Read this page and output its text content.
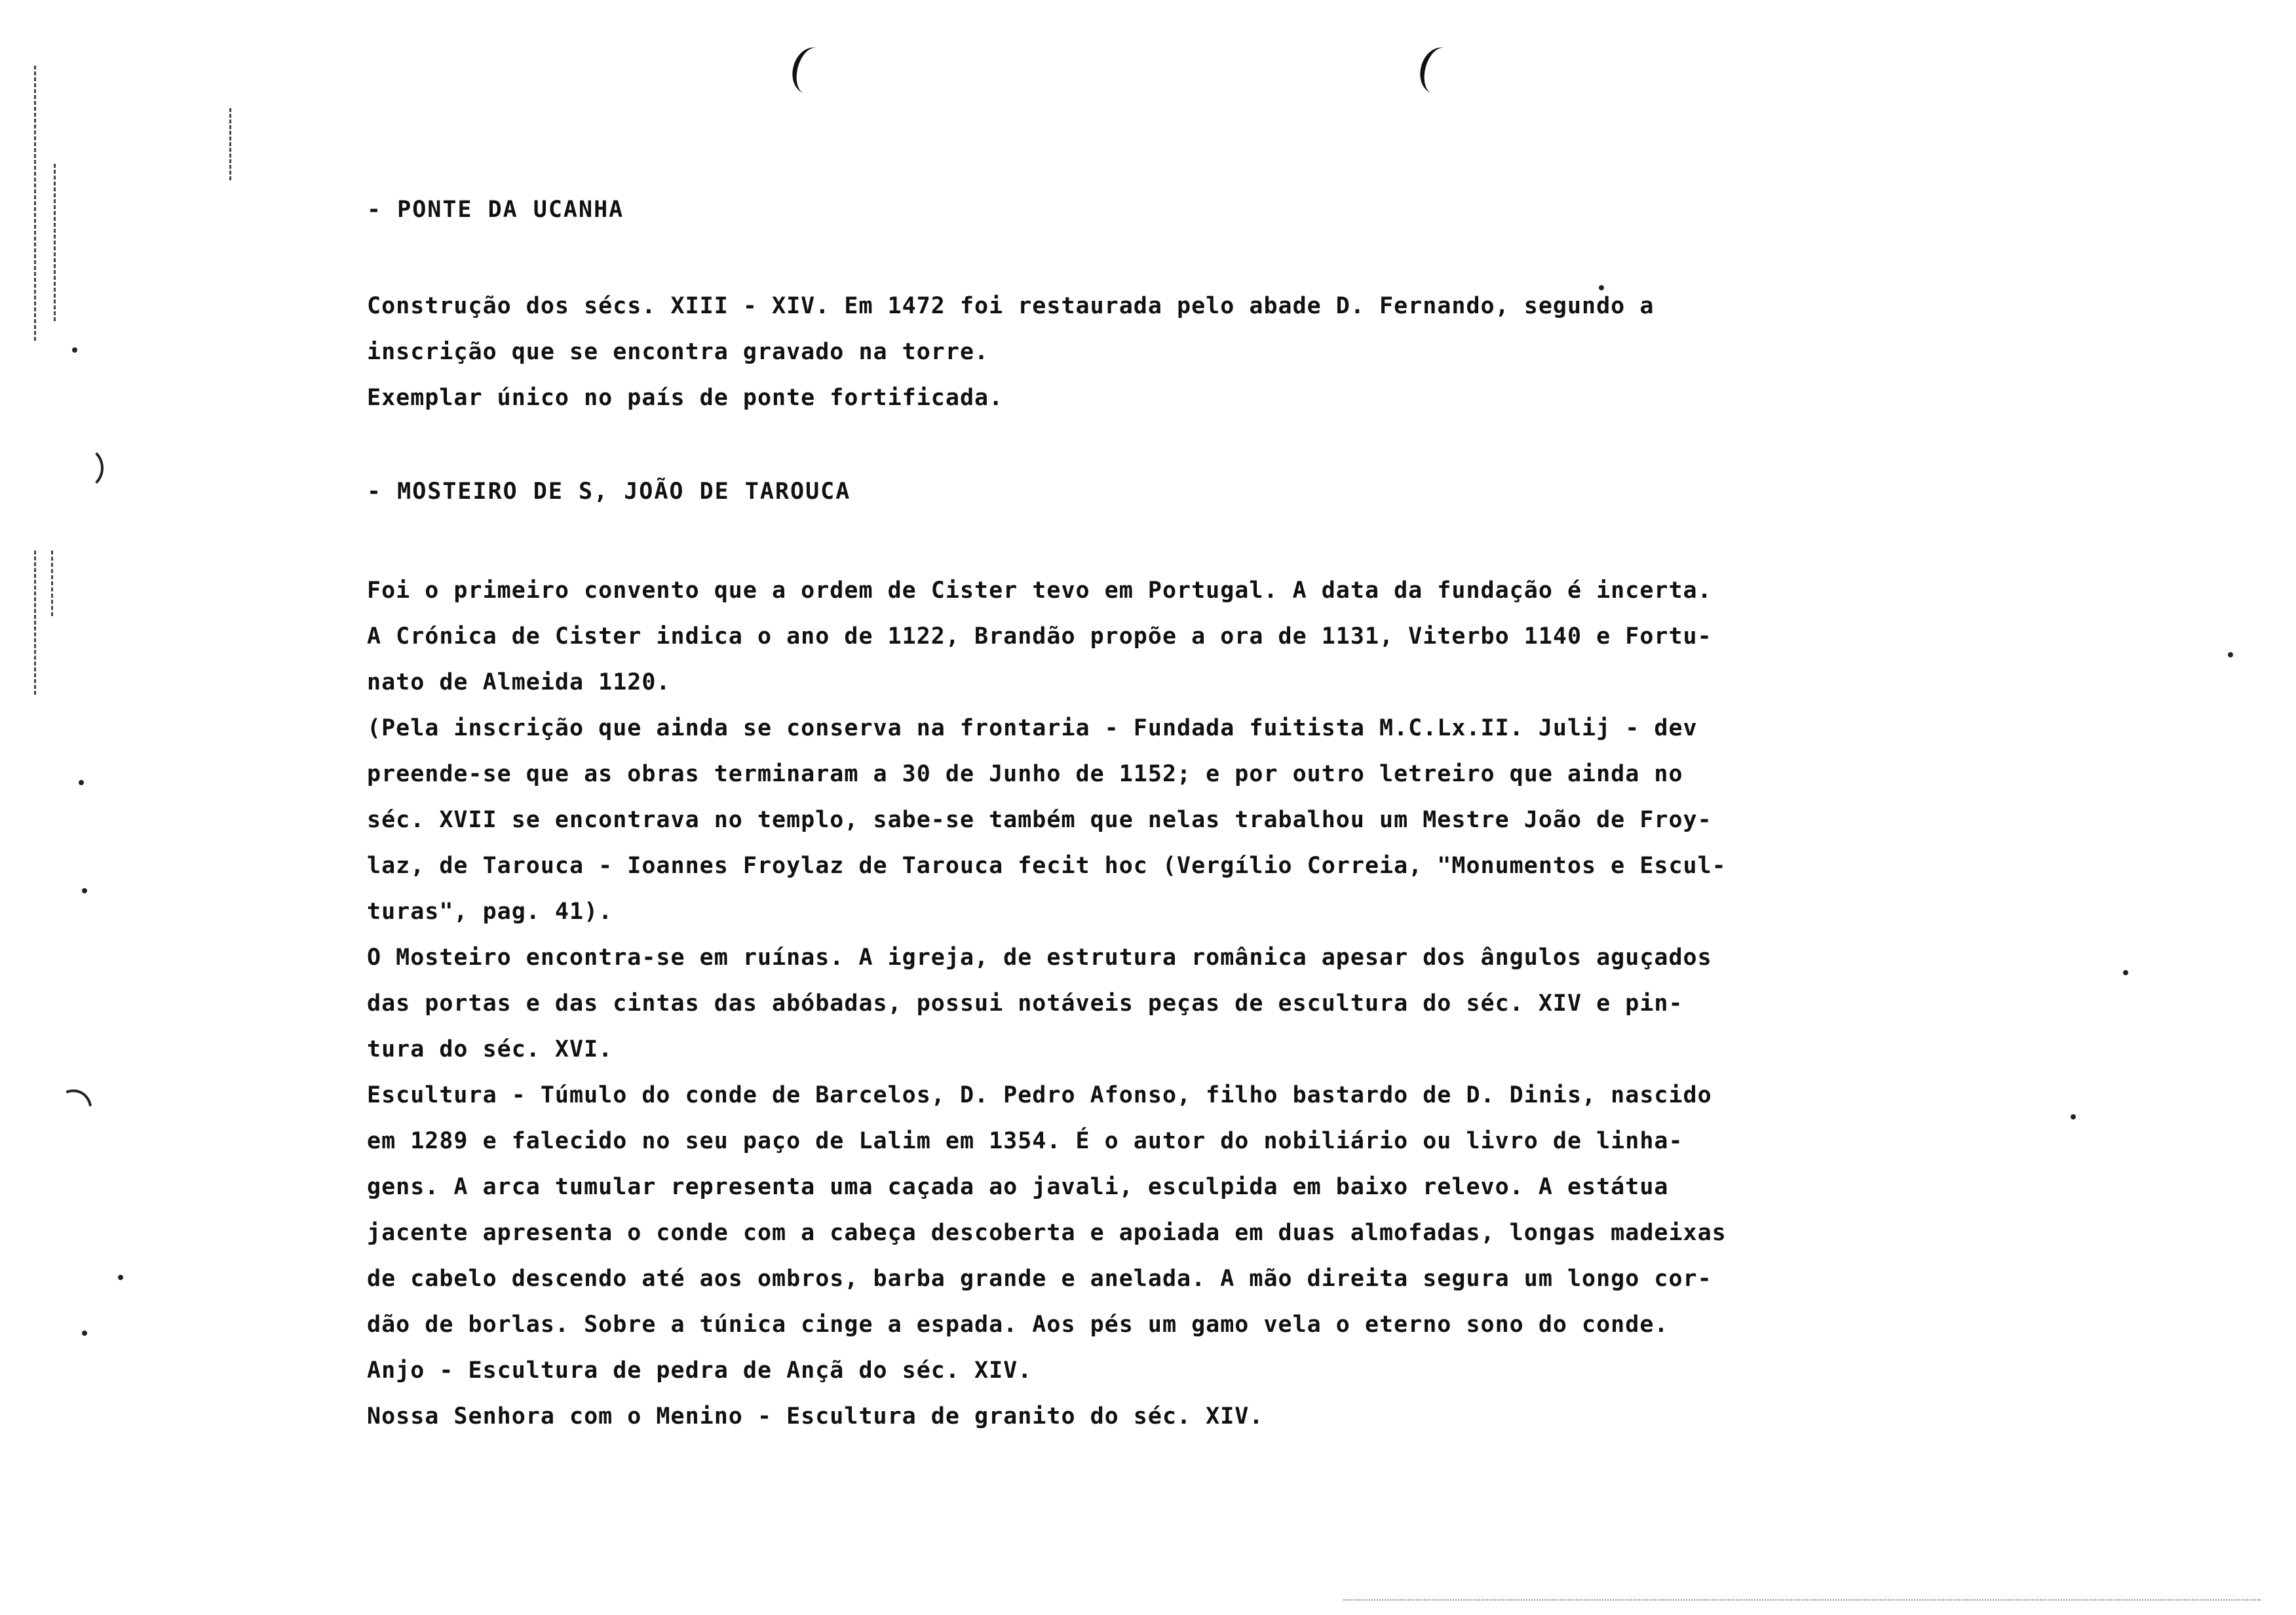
- PONTE DA UCANHA

Construção dos sécs. XIII - XIV. Em 1472 foi restaurada pelo abade D. Fernando, segundo a

inscrição que se encontra gravado na torre.

Exemplar único no país de ponte fortificada.

- MOSTEIRO DE S, JOÃO DE TAROUCA

Foi o primeiro convento que a ordem de Cister tevo em Portugal. A data da fundação é incerta.

A Crónica de Cister indica o ano de 1122, Brandão propõe a ora de 1131, Viterbo 1140 e Fortu-

nato de Almeida 1120.

(Pela inscrição que ainda se conserva na frontaria - Fundada fuitista M.C.Lx.II. Julij - dev

preende-se que as obras terminaram a 30 de Junho de 1152; e por outro letreiro que ainda no

séc. XVII se encontrava no templo, sabe-se também que nelas trabalhou um Mestre João de Froy-

laz, de Tarouca - Ioannes Froylaz de Tarouca fecit hoc (Vergílio Correia, "Monumentos e Escul-

turas", pag. 41).

O Mosteiro encontra-se em ruínas. A igreja, de estrutura românica apesar dos ângulos aguçados

das portas e das cintas das abóbadas, possui notáveis peças de escultura do séc. XIV e pin-

tura do séc. XVI.

Escultura - Túmulo do conde de Barcelos, D. Pedro Afonso, filho bastardo de D. Dinis, nascido

em 1289 e falecido no seu paço de Lalim em 1354. É o autor do nobiliário ou livro de linha-

gens. A arca tumular representa uma caçada ao javali, esculpida em baixo relevo. A estátua

jacente apresenta o conde com a cabeça descoberta e apoiada em duas almofadas, longas madeixas

de cabelo descendo até aos ombros, barba grande e anelada. A mão direita segura um longo cor-

dão de borlas. Sobre a túnica cinge a espada. Aos pés um gamo vela o eterno sono do conde.

Anjo - Escultura de pedra de Ançã do séc. XIV.

Nossa Senhora com o Menino - Escultura de granito do séc. XIV.
